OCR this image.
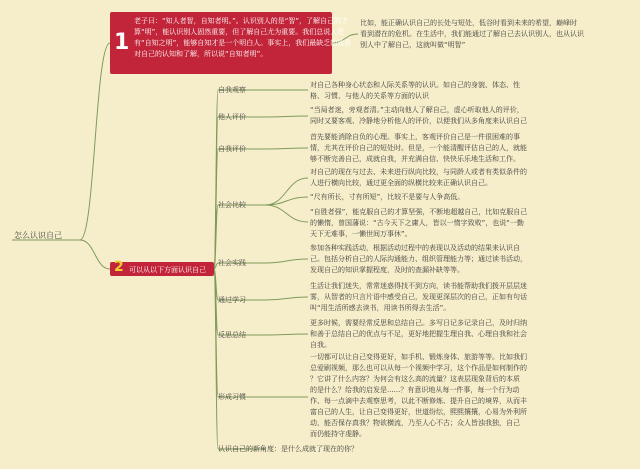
怎么认识自己
1
老子曰：“知人者智，自知者明。”。认识别人的是“智”，了解自己的才
算“明”，能认识别人固然重要，但了解自己尤为重要。我们总说人贵
有“自知之明”，能够自知才是一个明白人。事实上，我们最缺乏的就是
对自己的认知和了解，所以说“自知者明”。
比如，能正确认识自己的长处与短处，低谷时看到未来的希望，巅峰时
看到潜在的危机。在生活中，我们能通过了解自己去认识别人，也从认识
别人中了解自己，这就叫做“明智”
2 可以从以下方面认识自己
自我观察
他人评价
自我评价
社会比较
社会实践
通过学习
反思总结
形成习惯
对自己各种身心状态和人际关系等的认识。如自己的身貌、体态、性
格、习惯、与他人的关系等方面的认识
“当局者迷，旁观者清。”主动向他人了解自己，虚心听取他人的评价，
同时又要客观、冷静地分析他人的评价，以便我们从多角度来认识自己
首先要能消除自负的心理。事实上，客观评价自己是一件很困难的事
情，尤其在评价自己的短处时。但是，一个能清醒评估自己的人，就能
够不断完善自己，成就自我，并充满自信、快快乐乐地生活和工作。
对自己的现在与过去、未来进行纵向比较，与同龄人或者有类似条件的
人进行横向比较，通过更全面的纵横比较来正确认识自己。
“尺有所长，寸有所短”，比较不是要与人争高低。
“自胜者强”，能克服自己的才算坚强，不断地超越自己，比如克服自己
的懒惰，曾国藩说：“古今天下之庸人，皆以一惰字致败”，也说“一勤
天下无难事，一懒世间万事休”。
参加各种实践活动，根据活动过程中的表现以及活动的结果来认识自
己。包括分析自己的人际沟通能力、组织管理能力等；通过读书活动，
发现自己的知识掌握程度，及时的查漏补缺等等。
生活让我们迷失，常常迷惑得找不到方向，读书能帮助我们拨开层层迷
雾，从智者的只言片语中感受自己，发现更深层次的自己，正如有句话
叫“用生活所感去读书，用读书所得去生活”。
更多时候，需要经常反思和总结自己。多写日记多记录自己，及时归纳
和善于总结自己的优点与不足，更好地把握生理自我、心理自我和社会
自我。
一切都可以让自己变得更好，如手机、锻炼身体、旅游等等。比如我们
总爱刷视频，那么也可以从每一个视频中学习，这个作品是如何制作的
？它讲了什么内容？为何会有这么高的流量？这表层现象背后的本质
的是什么？给我的启发是......？有意识地从每一件事，每一个行为动
作、每一点滴中去观察思考，以此不断修炼、提升自己的境界，从而丰
富自己的人生，让自己变得更好，世道纷纭，熙熙攘攘，心易为外利所
动，能否保存真我？物欲横流，乃至人心不古；众人皆浊我独，自己
而仍能持守虔静。
认识自己的新角度：是什么成就了现在的你？
